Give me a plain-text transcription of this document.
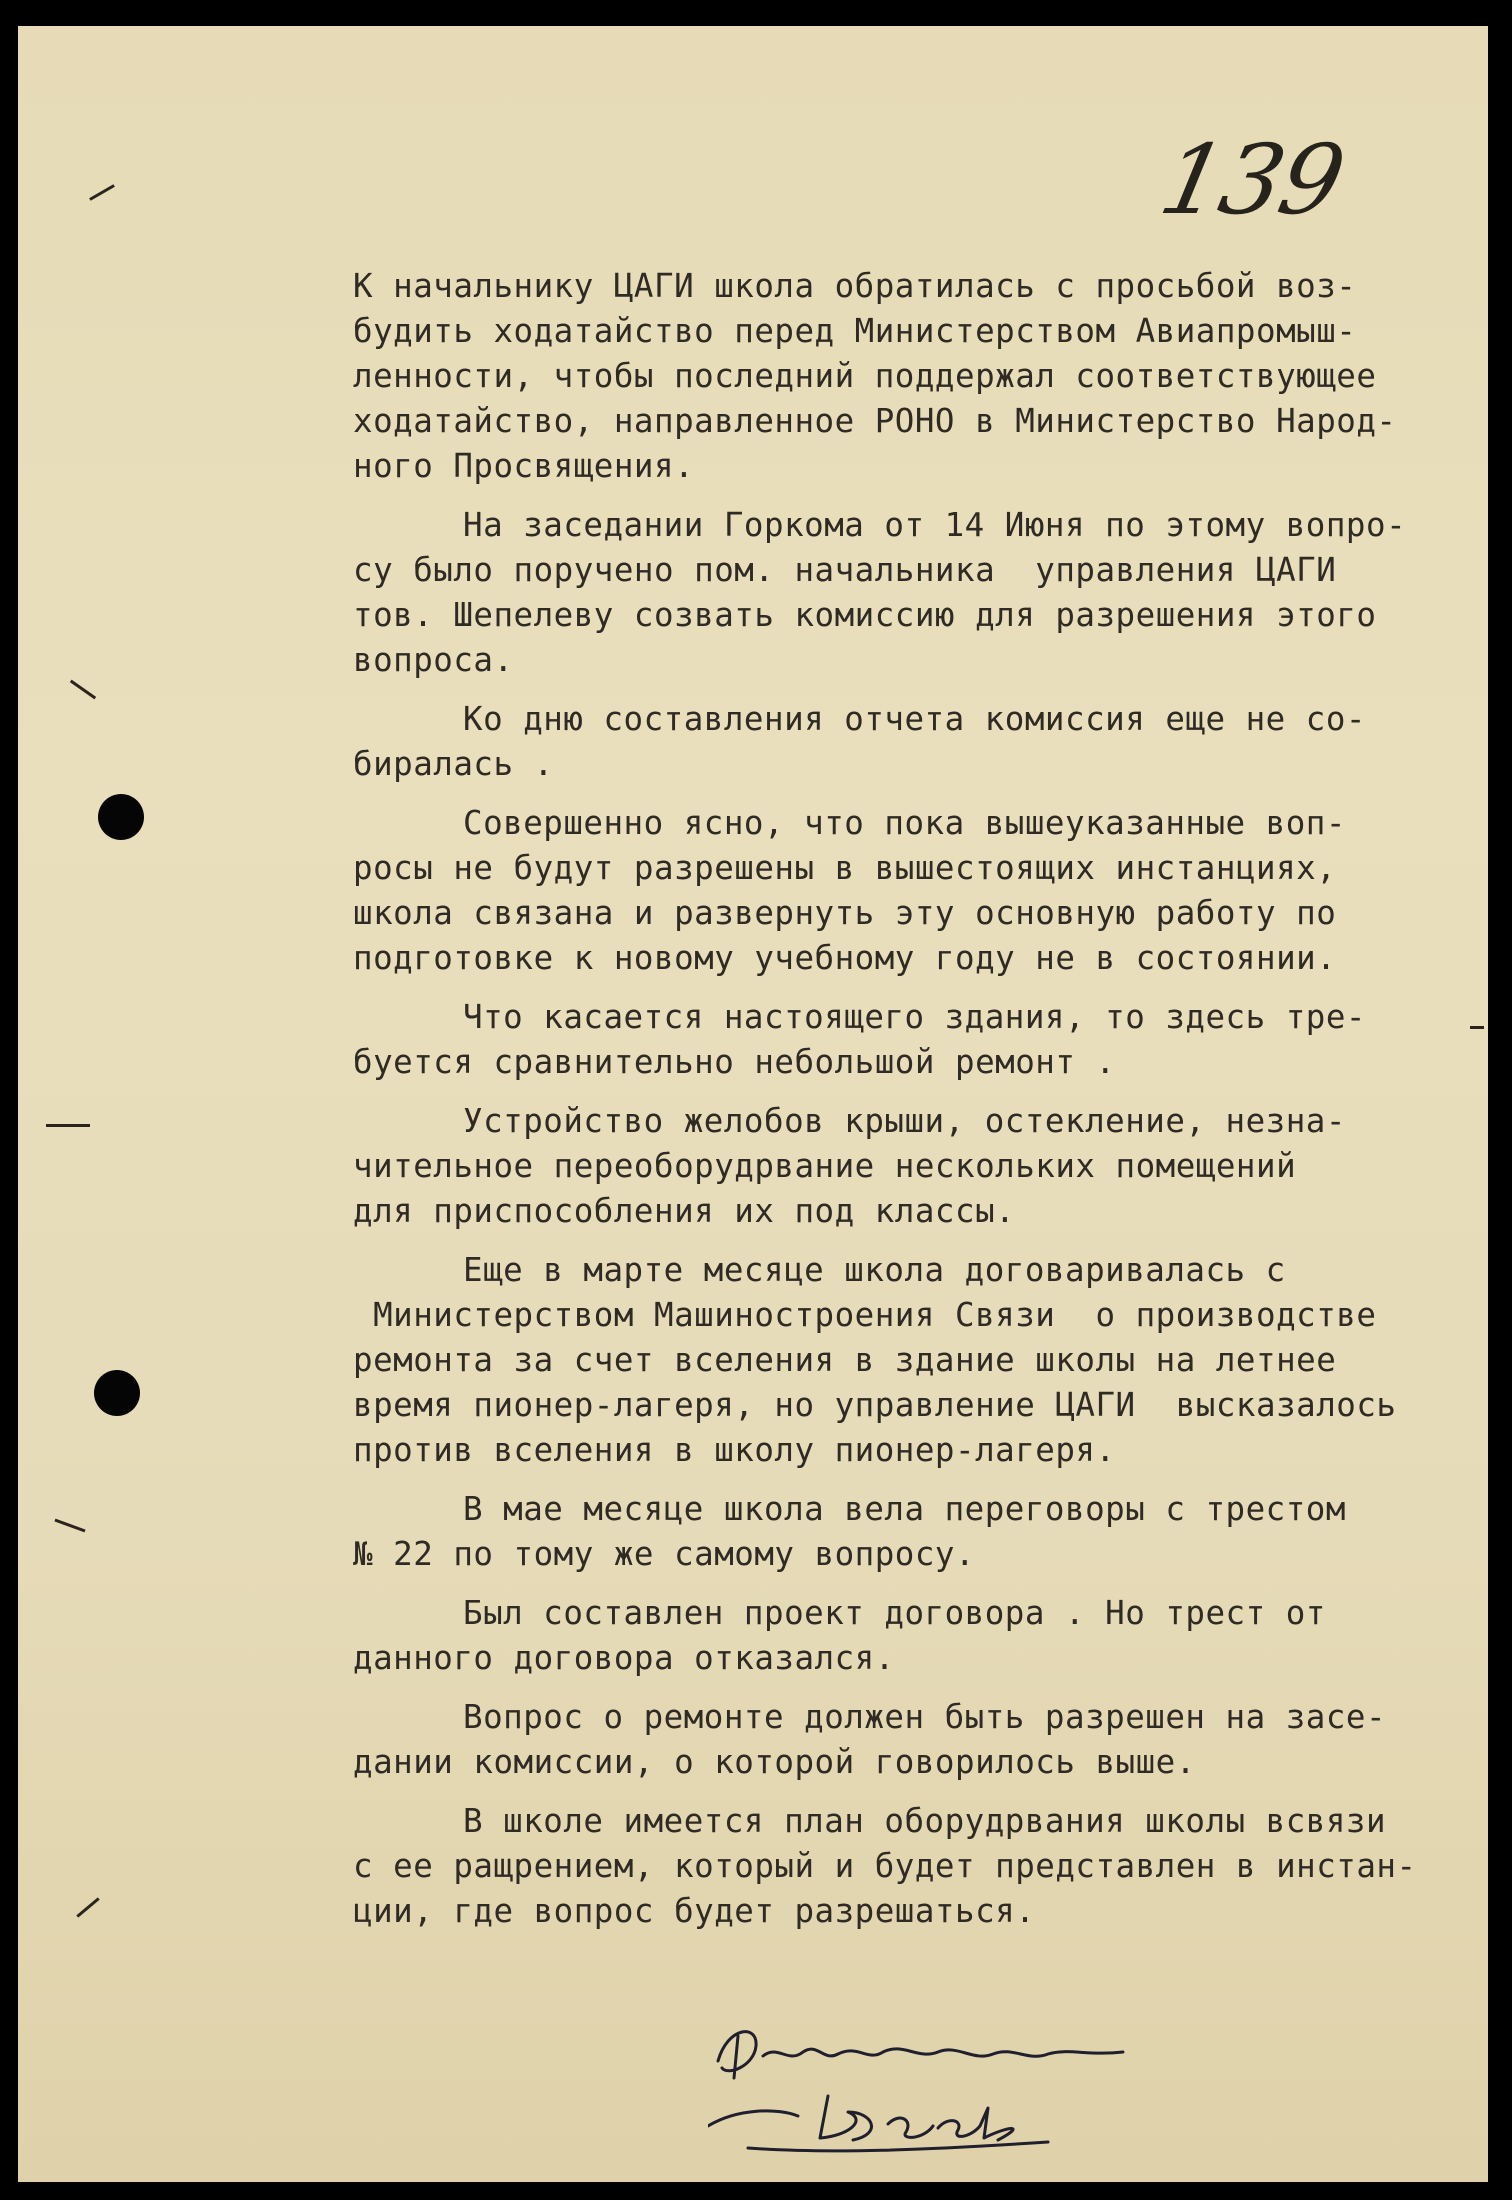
139
К начальнику ЦАГИ школа обратилась с просьбой воз-
будить ходатайство перед Министерством Авиапромыш-
ленности, чтобы последний поддержал соответствующее
ходатайство, направленное РОНО в Министерство Народ-
ного Просвящения.
На заседании Горкома от 14 Июня по этому вопро-
су было поручено пом. начальника  управления ЦАГИ
тов. Шепелеву созвать комиссию для разрешения этого
вопроса.
Ко дню составления отчета комиссия еще не со-
биралась .
Совершенно ясно, что пока вышеуказанные воп-
росы не будут разрешены в вышестоящих инстанциях,
школа связана и развернуть эту основную работу по
подготовке к новому учебному году не в состоянии.
Что касается настоящего здания, то здесь тре-
буется сравнительно небольшой ремонт .
Устройство желобов крыши, остекление, незна-
чительное переоборудрвание нескольких помещений
для приспособления их под классы.
Еще в марте месяце школа договаривалась с
Министерством Машиностроения Связи  о производстве
ремонта за счет вселения в здание школы на летнее
время пионер-лагеря, но управление ЦАГИ  высказалось
против вселения в школу пионер-лагеря.
В мае месяце школа вела переговоры с трестом
№ 22 по тому же самому вопросу.
Был составлен проект договора . Но трест от
данного договора отказался.
Вопрос о ремонте должен быть разрешен на засе-
дании комиссии, о которой говорилось выше.
В школе имеется план оборудрвания школы всвязи
с ее ращрением, который и будет представлен в инстан-
ции, где вопрос будет разрешаться.
